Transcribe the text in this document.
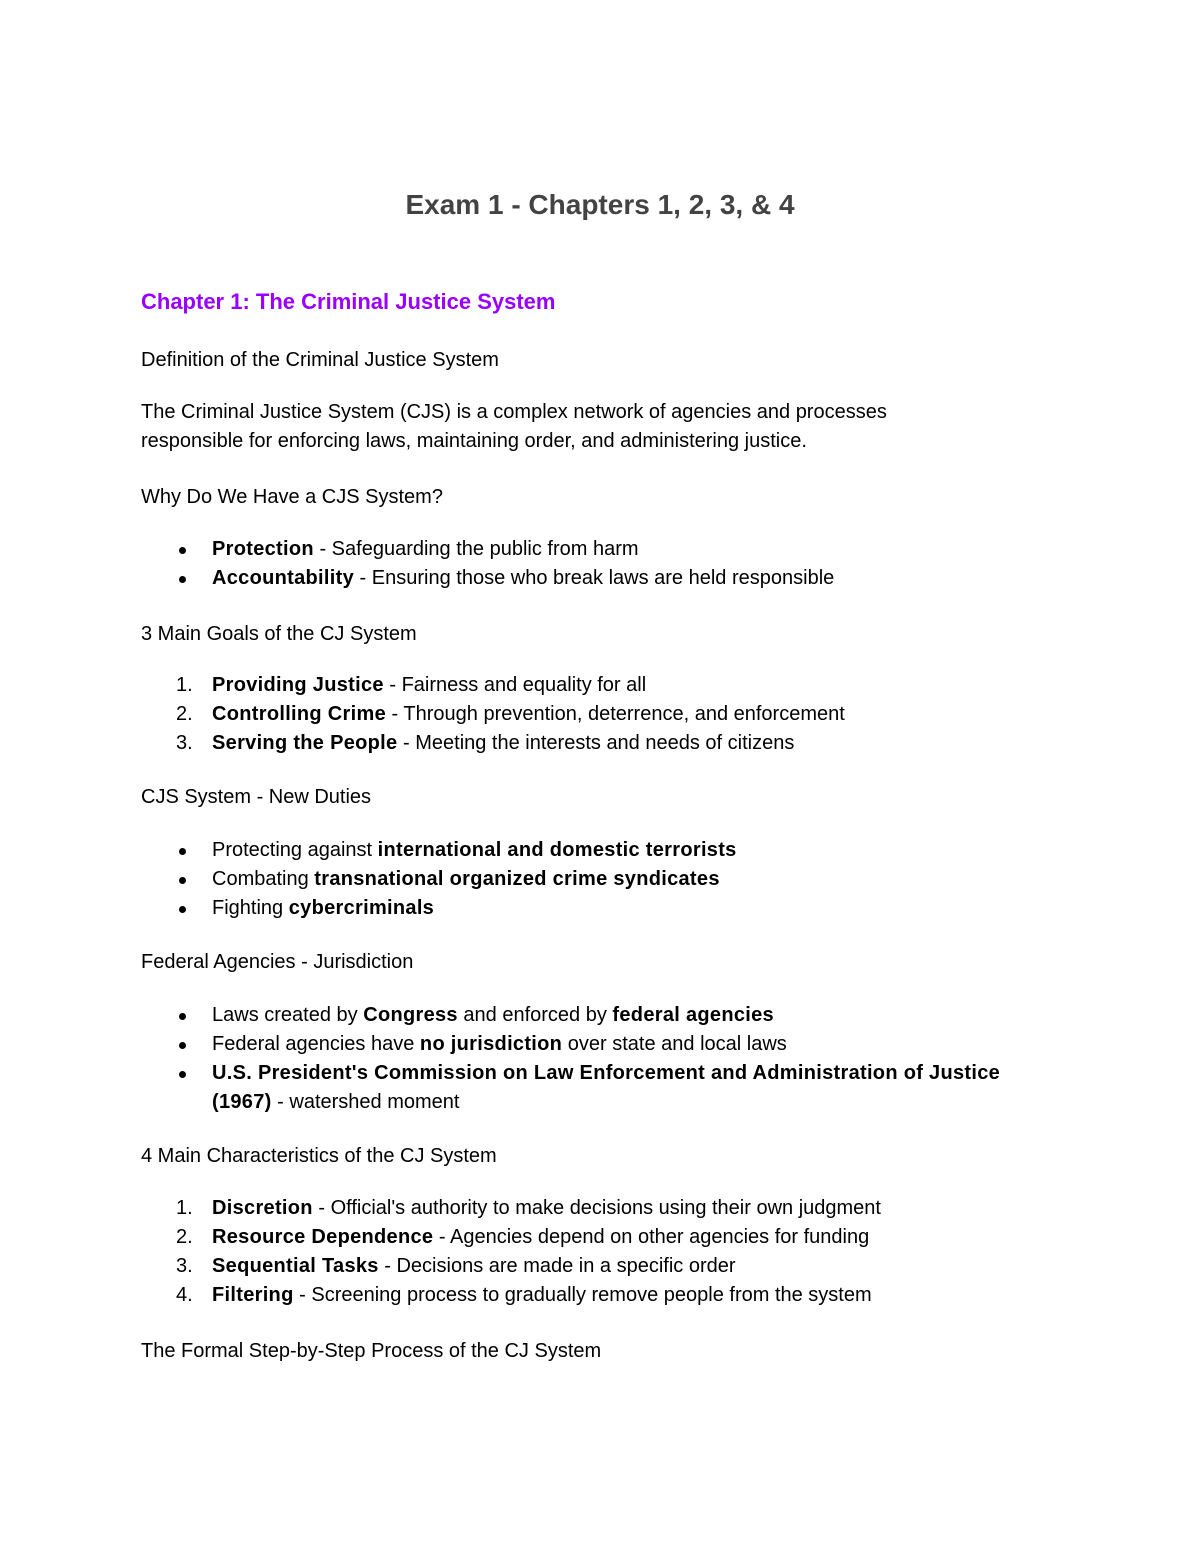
Exam 1 - Chapters 1, 2, 3, & 4
Chapter 1: The Criminal Justice System
Definition of the Criminal Justice System
The Criminal Justice System (CJS) is a complex network of agencies and processes
responsible for enforcing laws, maintaining order, and administering justice.
Why Do We Have a CJS System?
Protection - Safeguarding the public from harm
Accountability - Ensuring those who break laws are held responsible
3 Main Goals of the CJ System
1. Providing Justice - Fairness and equality for all
2. Controlling Crime - Through prevention, deterrence, and enforcement
3. Serving the People - Meeting the interests and needs of citizens
CJS System - New Duties
Protecting against international and domestic terrorists
Combating transnational organized crime syndicates
Fighting cybercriminals
Federal Agencies - Jurisdiction
Laws created by Congress and enforced by federal agencies
Federal agencies have no jurisdiction over state and local laws
U.S. President's Commission on Law Enforcement and Administration of Justice
(1967) - watershed moment
4 Main Characteristics of the CJ System
1. Discretion - Official's authority to make decisions using their own judgment
2. Resource Dependence - Agencies depend on other agencies for funding
3. Sequential Tasks - Decisions are made in a specific order
4. Filtering - Screening process to gradually remove people from the system
The Formal Step-by-Step Process of the CJ System
